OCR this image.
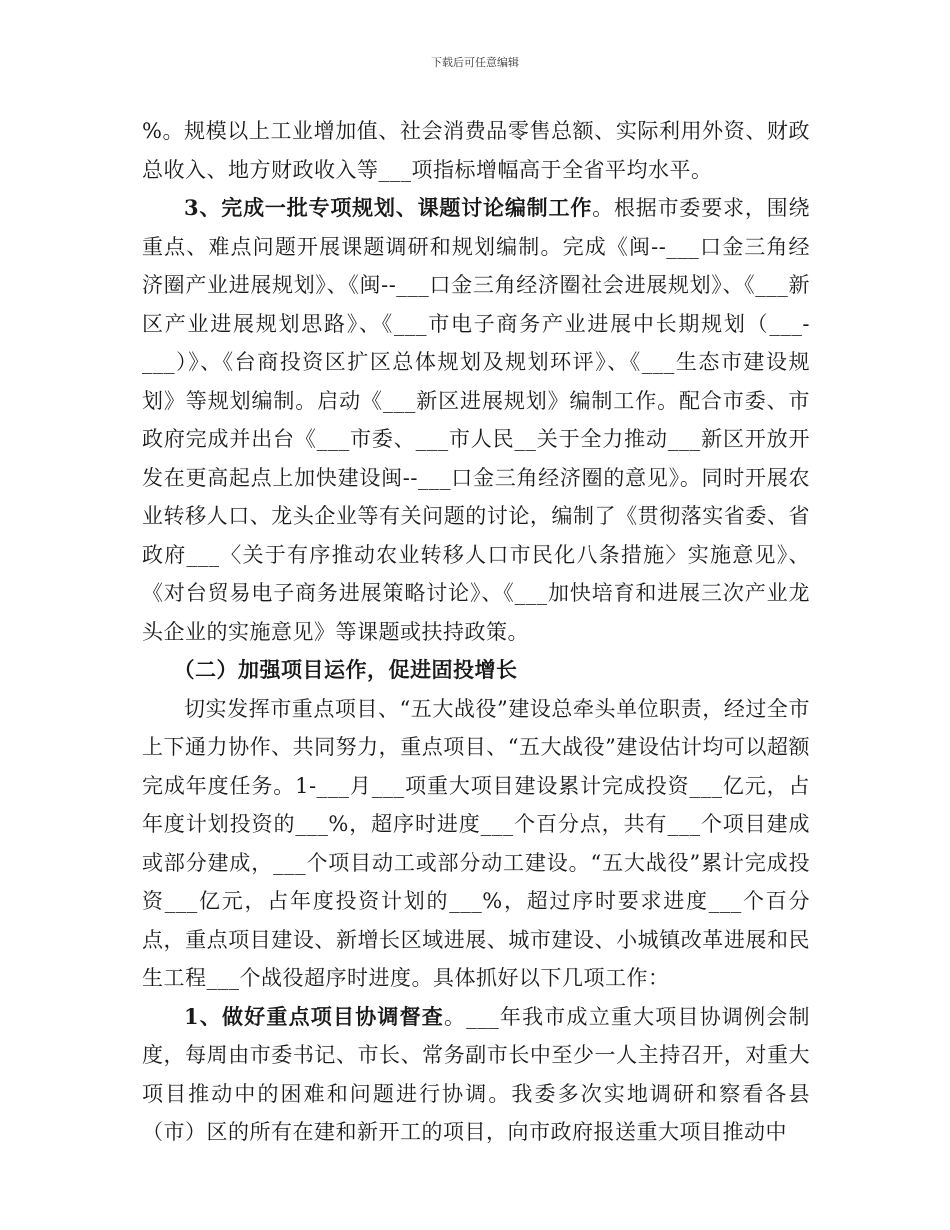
下载后可任意编辑

%。规模以上工业增加值、社会消费品零售总额、实际利用外资、财政总收入、地方财政收入等___项指标增幅高于全省平均水平。

3、完成一批专项规划、课题讨论编制工作。根据市委要求，围绕重点、难点问题开展课题调研和规划编制。完成《闽--___口金三角经济圈产业进展规划》、《闽--___口金三角经济圈社会进展规划》、《___新区产业进展规划思路》、《___市电子商务产业进展中长期规划（___-___）》、《台商投资区扩区总体规划及规划环评》、《___生态市建设规划》等规划编制。启动《___新区进展规划》编制工作。配合市委、市政府完成并出台《___市委、___市人民__关于全力推动___新区开放开发在更高起点上加快建设闽--___口金三角经济圈的意见》。同时开展农业转移人口、龙头企业等有关问题的讨论，编制了《贯彻落实省委、省政府___〈关于有序推动农业转移人口市民化八条措施〉实施意见》、《对台贸易电子商务进展策略讨论》、《___加快培育和进展三次产业龙头企业的实施意见》等课题或扶持政策。

（二）加强项目运作，促进固投增长

切实发挥市重点项目、“五大战役”建设总牵头单位职责，经过全市上下通力协作、共同努力，重点项目、“五大战役”建设估计均可以超额完成年度任务。1-___月___项重大项目建设累计完成投资___亿元，占年度计划投资的___%，超序时进度___个百分点，共有___个项目建成或部分建成，___个项目动工或部分动工建设。“五大战役”累计完成投资___亿元，占年度投资计划的___%，超过序时要求进度___个百分点，重点项目建设、新增长区域进展、城市建设、小城镇改革进展和民生工程___个战役超序时进度。具体抓好以下几项工作：

1、做好重点项目协调督查。___年我市成立重大项目协调例会制度，每周由市委书记、市长、常务副市长中至少一人主持召开，对重大项目推动中的困难和问题进行协调。我委多次实地调研和察看各县（市）区的所有在建和新开工的项目，向市政府报送重大项目推动中
